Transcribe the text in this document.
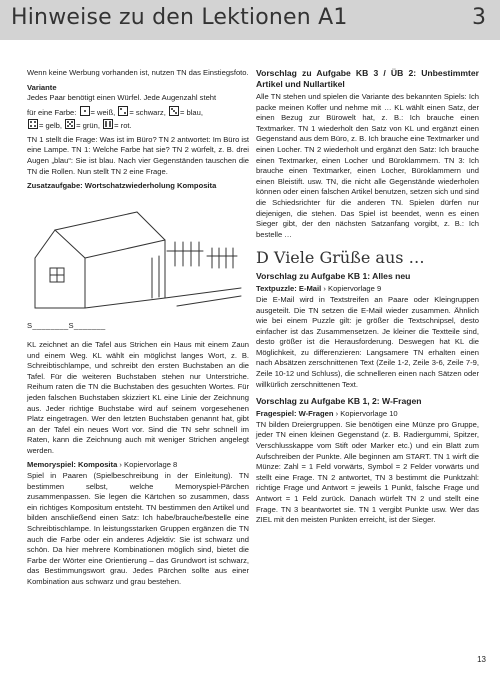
Hinweise zu den Lektionen A1	3

Wenn keine Werbung vorhanden ist, nutzen TN das Einstiegsfoto.

Variante

Jedes Paar benötigt einen Würfel. Jede Augenzahl steht

für eine Farbe: = weiß, = schwarz, = blau,

= gelb, = grün, = rot.

TN 1 stellt die Frage: Was ist im Büro? TN 2 antwortet: Im Büro ist eine Lampe. TN 1: Welche Farbe hat sie? TN 2 würfelt, z. B. drei Augen „blau“: Sie ist blau. Nach vier Gegenständen tauschen die TN die Rollen. Nun stellt TN 2 eine Frage.

Zusatzaufgabe: Wortschatzwiederholung Komposita
S________S_______

KL zeichnet an die Tafel aus Strichen ein Haus mit einem Zaun und einem Weg. KL wählt ein möglichst langes Wort, z. B. Schreibtischlampe, und schreibt den ersten Buchstaben an die Tafel. Für die weiteren Buchstaben stehen nur Unterstriche. Reihum raten die TN die Buchstaben des gesuchten Wortes. Für jeden falschen Buchstaben skizziert KL eine Linie der Zeichnung aus. Jeder richtige Buchstabe wird auf seinem vorgesehenen Platz eingetragen. Wer den letzten Buchstaben genannt hat, gibt an der Tafel ein neues Wort vor. Sind die TN sehr schnell im Raten, kann die Zeichnung auch mit weniger Strichen angelegt werden.

Memoryspiel: Komposita › Kopiervorlage 8
Spiel in Paaren (Spielbeschreibung in der Einleitung). TN bestimmen selbst, welche Memoryspiel-Pärchen zusammenpassen. Sie legen die Kärtchen so zusammen, dass ein richtiges Kompositum entsteht. TN bestimmen den Artikel und bilden anschließend einen Satz: Ich habe/brauche/bestelle eine Schreibtischlampe. In leistungsstarken Gruppen ergänzen die TN auch die Farbe oder ein anderes Adjektiv: Sie ist schwarz und schön. Da hier mehrere Kombinationen möglich sind, bietet die Farbe der Wörter eine Orientierung – das Grundwort ist schwarz, das Bestimmungswort grau. Jedes Pärchen sollte aus einer Kombination aus schwarz und grau bestehen.

Vorschlag zu Aufgabe KB 3 / ÜB 2: Unbestimmter Artikel und Nullartikel

Alle TN stehen und spielen die Variante des bekannten Spiels: Ich packe meinen Koffer und nehme mit … KL wählt einen Satz, der einen Bezug zur Bürowelt hat, z. B.: Ich brauche einen Textmarker. TN 1 wiederholt den Satz von KL und ergänzt einen Gegenstand aus dem Büro, z. B. Ich brauche eine Textmarker und einen Locher. TN 2 wiederholt und ergänzt den Satz: Ich brauche einen Textmarker, einen Locher und Büroklammern. TN 3: Ich brauche einen Textmarker, einen Locher, Büroklammern und einen Bleistift. usw. TN, die nicht alle Gegenstände wiederholen können oder einen falschen Artikel benutzen, setzen sich und sind die Schiedsrichter für die anderen TN. Spielen dürfen nur diejenigen, die stehen. Das Spiel ist beendet, wenn es einen Sieger gibt, der den nächsten Satzanfang vorgibt, z. B.: Ich bestelle …

D Viele Grüße aus …
Vorschlag zu Aufgabe KB 1: Alles neu

Textpuzzle: E-Mail › Kopiervorlage 9
Die E-Mail wird in Textstreifen an Paare oder Kleingruppen ausgeteilt. Die TN setzen die E-Mail wieder zusammen. Ähnlich wie bei einem Puzzle gilt: je größer die Textschnipsel, desto einfacher ist das Zusammensetzen. Je kleiner die Textteile sind, desto größer ist die Herausforderung. Deswegen hat KL die Möglichkeit, zu differenzieren: Langsamere TN erhalten einen nach Absätzen zerschnittenen Text (Zeile 1-2, Zeile 3-6, Zeile 7-9, Zeile 10-12 und Schluss), die schnelleren einen nach Sätzen oder willkürlich zerschnittenen Text.

Vorschlag zu Aufgabe KB 1, 2: W-Fragen

Fragespiel: W-Fragen › Kopiervorlage 10
TN bilden Dreiergruppen. Sie benötigen eine Münze pro Gruppe, jeder TN einen kleinen Gegenstand (z. B. Radiergummi, Spitzer, Verschlusskappe vom Stift oder Marker etc.) und ein Blatt zum Aufschreiben der Punkte. Alle beginnen am START. TN 1 wirft die Münze: Zahl = 1 Feld vorwärts, Symbol = 2 Felder vorwärts und stellt eine Frage. TN 2 antwortet, TN 3 bestimmt die Punktzahl: richtige Frage und Antwort = jeweils 1 Punkt, falsche Frage und Antwort = 1 Feld zurück. Danach würfelt TN 2 und stellt eine Frage. TN 3 beantwortet sie. TN 1 vergibt Punkte usw. Wer das ZIEL mit den meisten Punkten erreicht, ist der Sieger.

13
